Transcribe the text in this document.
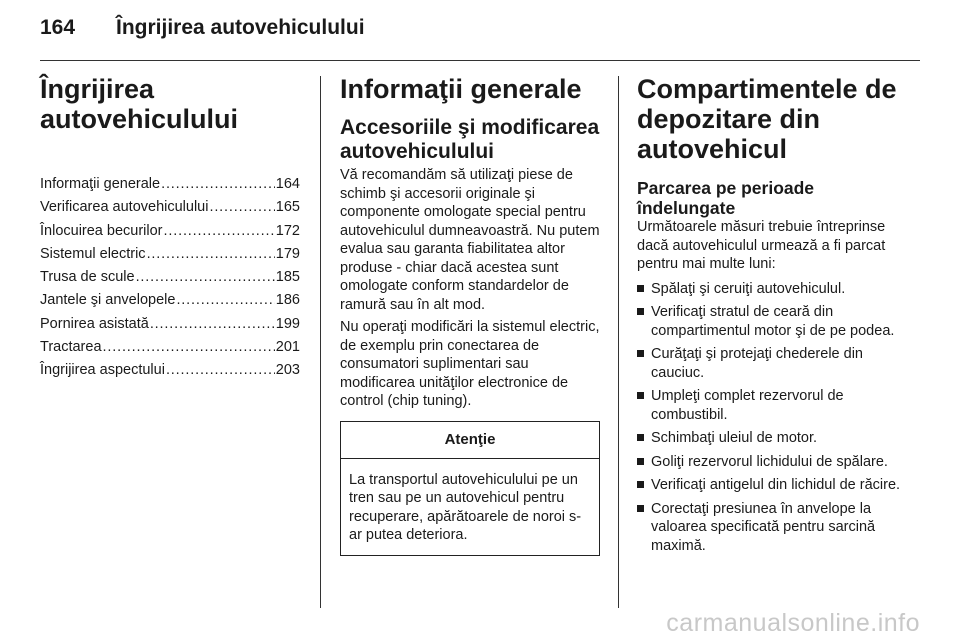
164 Îngrijirea autovehiculului
Îngrijirea
autovehiculului
Informaţii generale . . .	164
Verificarea autovehiculului . . .	165
Înlocuirea becurilor . . .	172
Sistemul electric . . .	179
Trusa de scule . . .	185
Jantele şi anvelopele . . .	186
Pornirea asistată . . .	199
Tractarea . . .	201
Îngrijirea aspectului . . .	203
Informaţii generale
Accesoriile şi modificarea
autovehiculului

Vă recomandăm să utilizaţi piese de schimb şi accesorii originale şi componente omologate special pentru autovehiculul dumneavoastră. Nu putem evalua sau garanta fiabilitatea altor produse - chiar dacă acestea sunt omologate conform standardelor de ramură sau în alt mod.

Nu operaţi modificări la sistemul electric, de exemplu prin conectarea de consumatori suplimentari sau modificarea unităţilor electronice de control (chip tuning).

Atenţie
La transportul autovehiculului pe un tren sau pe un autovehicul pentru recuperare, apărătoarele de noroi s-ar putea deteriora.
Compartimentele de
depozitare din autovehicul
Parcarea pe perioade
îndelungate

Următoarele măsuri trebuie întreprinse dacă autovehiculul urmează a fi parcat pentru mai multe luni:

Spălaţi şi ceruiţi autovehiculul.
Verificaţi stratul de ceară din compartimentul motor şi de pe podea.
Curăţaţi şi protejaţi chederele din cauciuc.
Umpleţi complet rezervorul de combustibil.
Schimbaţi uleiul de motor.
Goliţi rezervorul lichidului de spălare.
Verificaţi antigelul din lichidul de răcire.
Corectaţi presiunea în anvelope la valoarea specificată pentru sarcină maximă.
carmanualsonline.info
